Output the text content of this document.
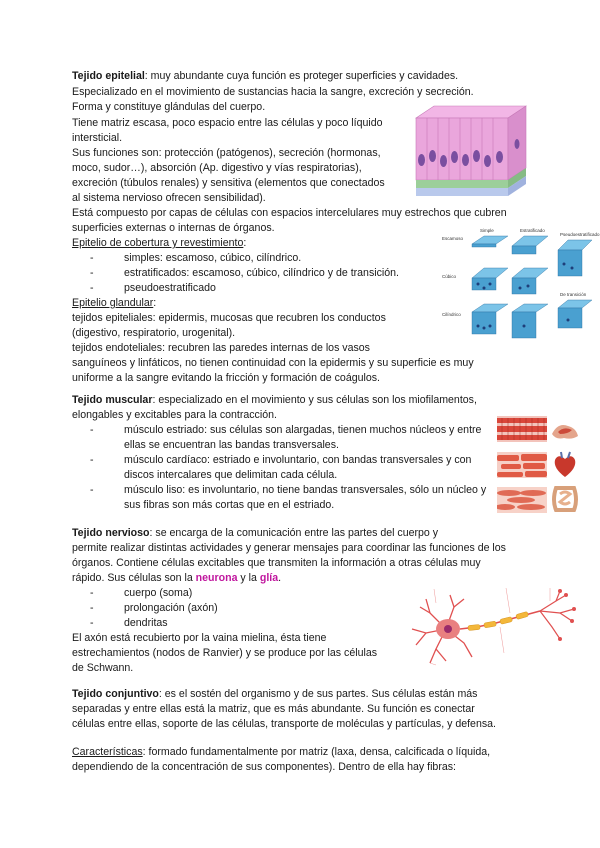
Tejido epitelial: muy abundante cuya función es proteger superficies y cavidades.
Especializado en el movimiento de sustancias hacia la sangre, excreción y secreción.
Forma y constituye glándulas del cuerpo.
Tiene matriz escasa, poco espacio entre las células y poco líquido
intersticial.
Sus funciones son: protección (patógenos), secreción (hormonas,
moco, sudor…), absorción (Ap. digestivo y vías respiratorias),
excreción (túbulos renales) y sensitiva (elementos que conectados
al sistema nervioso ofrecen sensibilidad).
Está compuesto por capas de células con espacios intercelulares muy estrechos que cubren
superficies externas o internas de órganos.
Epitelio de cobertura y revestimiento:
-	simples: escamoso, cúbico, cilíndrico.
-	estratificados: escamoso, cúbico, cilíndrico y de transición.
-	pseudoestratificado
Epitelio glandular:
tejidos epiteliales: epidermis, mucosas que recubren los conductos
(digestivo, respiratorio, urogenital).
tejidos endoteliales: recubren las paredes internas de los vasos
sanguíneos y linfáticos, no tienen continuidad con la epidermis y su superficie es muy
uniforme a la sangre evitando la fricción y formación de coágulos.
Escamoso
Cúbico
Cilíndrico
Simple	Estratificado
Pseudoestratificado
De transición
Tejido muscular: especializado en el movimiento y sus células son los miofilamentos,
elongables y excitables para la contracción.
-	músculo estriado: sus células son alargadas, tienen muchos núcleos y entre
ellas se encuentran las bandas transversales.
-	músculo cardíaco: estriado e involuntario, con bandas transversales y con
discos intercalares que delimitan cada célula.
-	músculo liso: es involuntario, no tiene bandas transversales, sólo un núcleo y
sus fibras son más cortas que en el estriado.
Tejido nervioso: se encarga de la comunicación entre las partes del cuerpo y
permite realizar distintas actividades y generar mensajes para coordinar las funciones de los
órganos. Contiene células excitables que transmiten la información a otras células muy
rápido. Sus células son la neurona y la glía.
-	cuerpo (soma)
-	prolongación (axón)
-	dendritas
El axón está recubierto por la vaina mielina, ésta tiene
estrechamientos (nodos de Ranvier) y se produce por las células
de Schwann.
Tejido conjuntivo: es el sostén del organismo y de sus partes. Sus células están más
separadas y entre ellas está la matriz, que es más abundante. Su función es conectar
células entre ellas, soporte de las células, transporte de moléculas y partículas, y defensa.
Características: formado fundamentalmente por matriz (laxa, densa, calcificada o líquida,
dependiendo de la concentración de sus componentes). Dentro de ella hay fibras:
